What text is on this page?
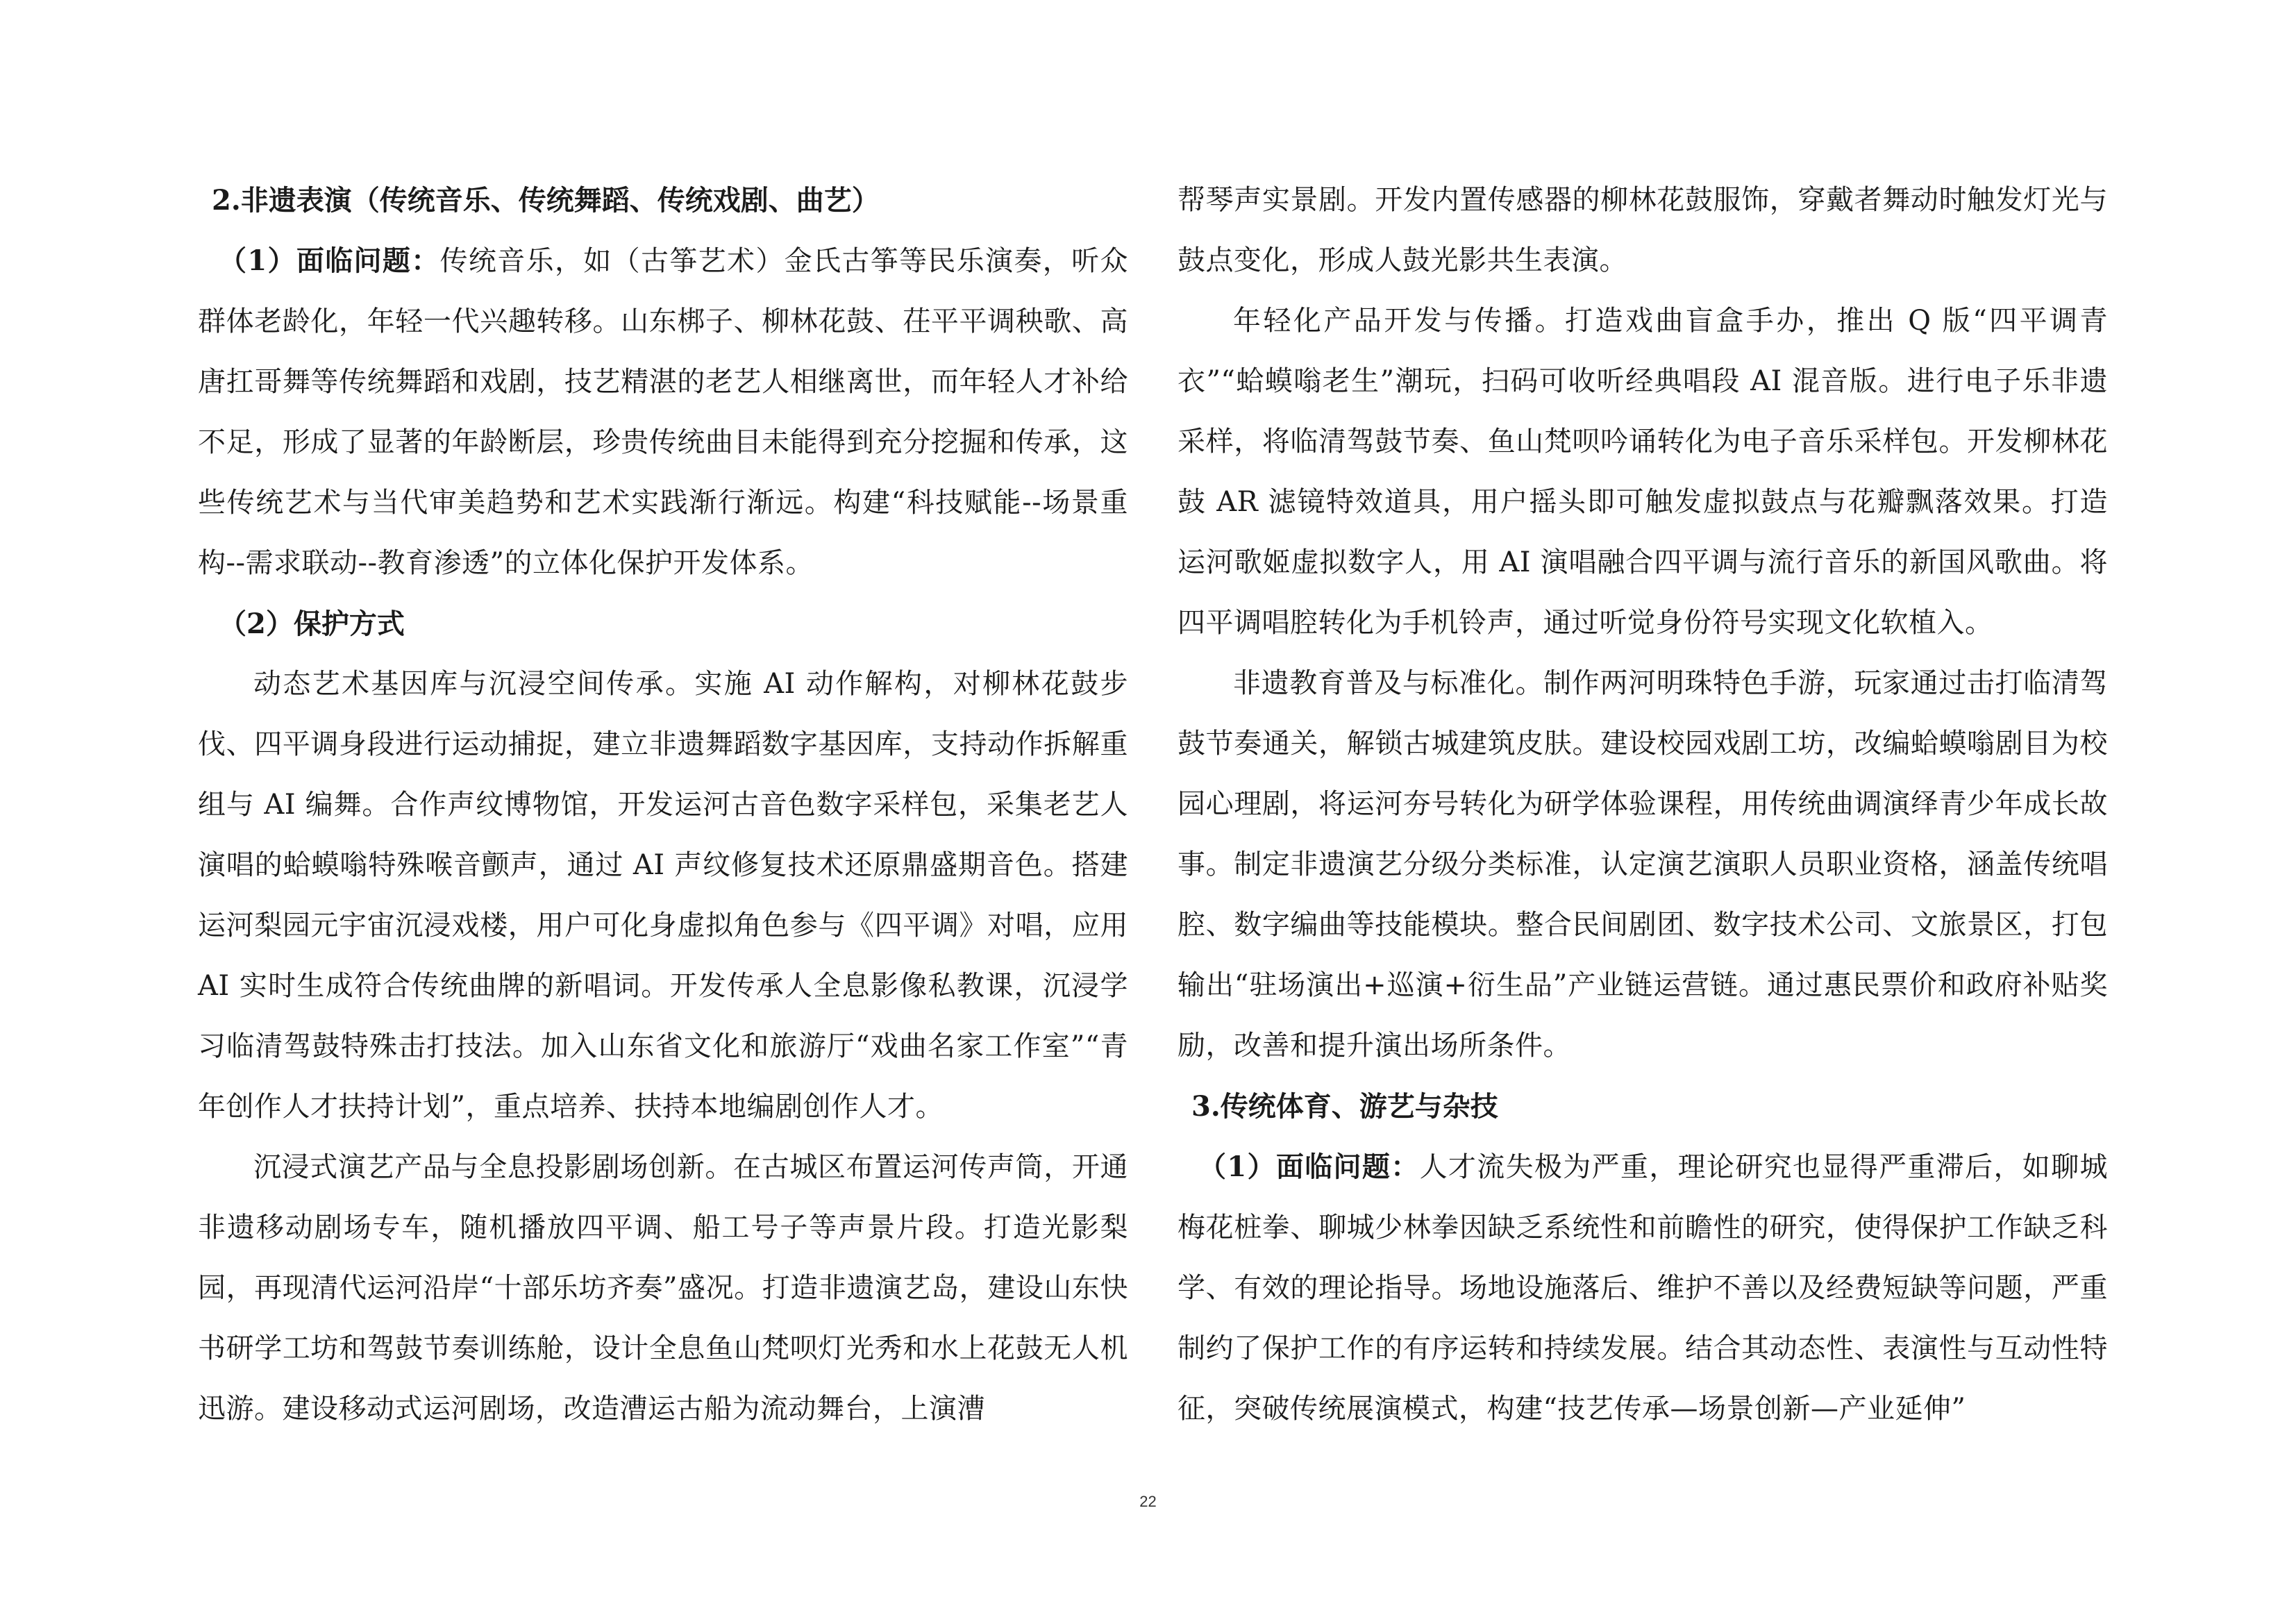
2.非遗表演（传统音乐、传统舞蹈、传统戏剧、曲艺）

（1）面临问题：传统音乐，如（古筝艺术）金氏古筝等民乐演奏，听众群体老龄化，年轻一代兴趣转移。山东梆子、柳林花鼓、茌平平调秧歌、高唐扛哥舞等传统舞蹈和戏剧，技艺精湛的老艺人相继离世，而年轻人才补给不足，形成了显著的年龄断层，珍贵传统曲目未能得到充分挖掘和传承，这些传统艺术与当代审美趋势和艺术实践渐行渐远。构建“科技赋能--场景重构--需求联动--教育渗透”的立体化保护开发体系。

（2）保护方式

动态艺术基因库与沉浸空间传承。实施 AI 动作解构，对柳林花鼓步伐、四平调身段进行运动捕捉，建立非遗舞蹈数字基因库，支持动作拆解重组与 AI 编舞。合作声纹博物馆，开发运河古音色数字采样包，采集老艺人演唱的蛤蟆嗡特殊喉音颤声，通过 AI 声纹修复技术还原鼎盛期音色。搭建运河梨园元宇宙沉浸戏楼，用户可化身虚拟角色参与《四平调》对唱，应用 AI 实时生成符合传统曲牌的新唱词。开发传承人全息影像私教课，沉浸学习临清驾鼓特殊击打技法。加入山东省文化和旅游厅“戏曲名家工作室”“青年创作人才扶持计划”，重点培养、扶持本地编剧创作人才。

沉浸式演艺产品与全息投影剧场创新。在古城区布置运河传声筒，开通非遗移动剧场专车，随机播放四平调、船工号子等声景片段。打造光影梨园，再现清代运河沿岸“十部乐坊齐奏”盛况。打造非遗演艺岛，建设山东快书研学工坊和驾鼓节奏训练舱，设计全息鱼山梵呗灯光秀和水上花鼓无人机迅游。建设移动式运河剧场，改造漕运古船为流动舞台，上演漕

帮琴声实景剧。开发内置传感器的柳林花鼓服饰，穿戴者舞动时触发灯光与鼓点变化，形成人鼓光影共生表演。

年轻化产品开发与传播。打造戏曲盲盒手办，推出 Q 版“四平调青衣”“蛤蟆嗡老生”潮玩，扫码可收听经典唱段 AI 混音版。进行电子乐非遗采样，将临清驾鼓节奏、鱼山梵呗吟诵转化为电子音乐采样包。开发柳林花鼓 AR 滤镜特效道具，用户摇头即可触发虚拟鼓点与花瓣飘落效果。打造运河歌姬虚拟数字人，用 AI 演唱融合四平调与流行音乐的新国风歌曲。将四平调唱腔转化为手机铃声，通过听觉身份符号实现文化软植入。

非遗教育普及与标准化。制作两河明珠特色手游，玩家通过击打临清驾鼓节奏通关，解锁古城建筑皮肤。建设校园戏剧工坊，改编蛤蟆嗡剧目为校园心理剧，将运河夯号转化为研学体验课程，用传统曲调演绎青少年成长故事。制定非遗演艺分级分类标准，认定演艺演职人员职业资格，涵盖传统唱腔、数字编曲等技能模块。整合民间剧团、数字技术公司、文旅景区，打包输出“驻场演出+巡演+衍生品”产业链运营链。通过惠民票价和政府补贴奖励，改善和提升演出场所条件。

3.传统体育、游艺与杂技

（1）面临问题：人才流失极为严重，理论研究也显得严重滞后，如聊城梅花桩拳、聊城少林拳因缺乏系统性和前瞻性的研究，使得保护工作缺乏科学、有效的理论指导。场地设施落后、维护不善以及经费短缺等问题，严重制约了保护工作的有序运转和持续发展。结合其动态性、表演性与互动性特征，突破传统展演模式，构建“技艺传承—场景创新—产业延伸”

22
